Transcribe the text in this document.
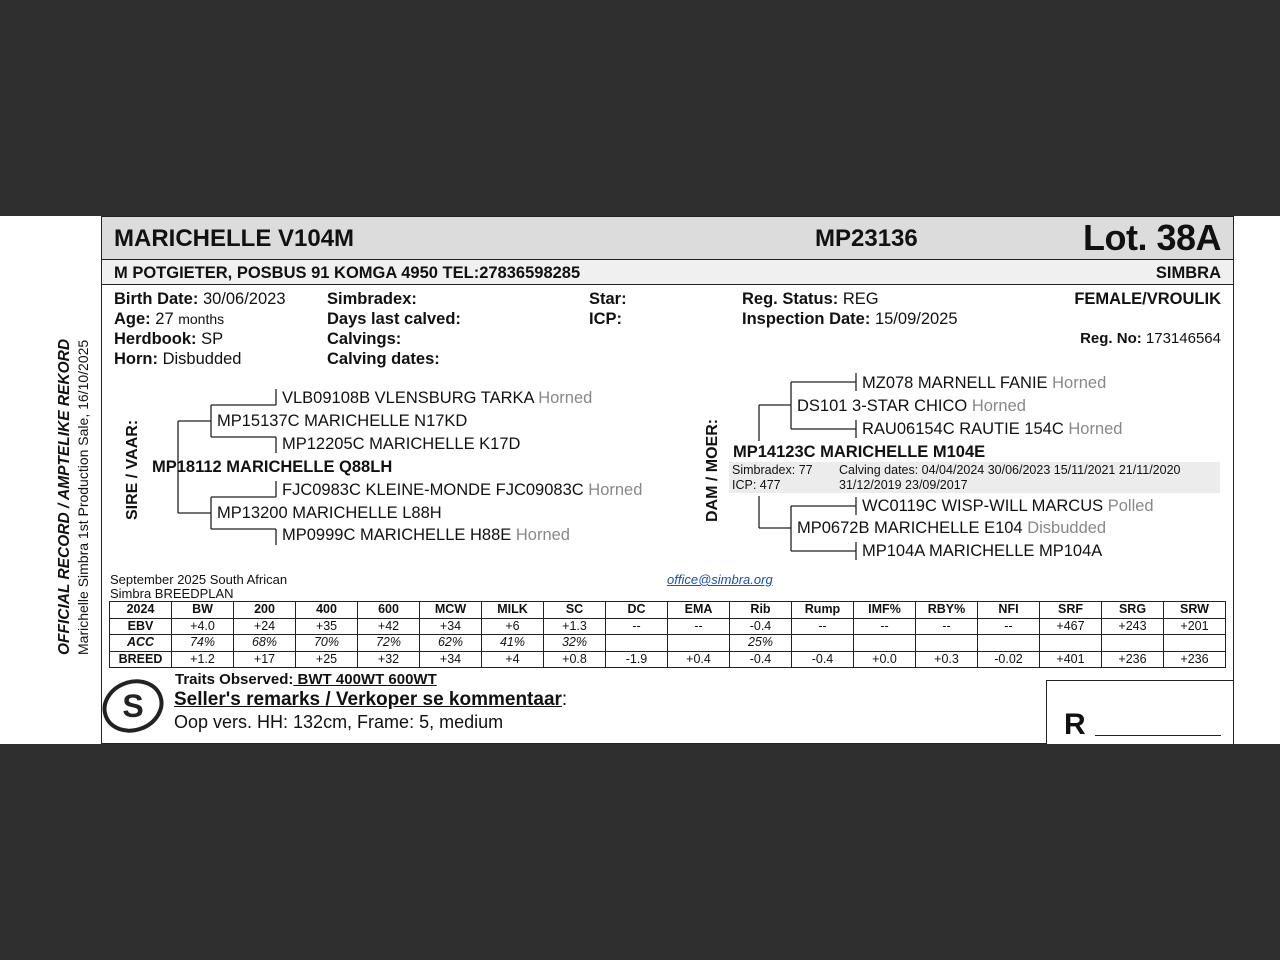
OFFICIAL RECORD / AMPTELIKE REKORD Marichelle Simbra 1st Production Sale, 16/10/2025
MARICHELLE V104M	MP23136	Lot. 38A
M POTGIETER, POSBUS 91 KOMGA 4950 TEL:27836598285	SIMBRA
Birth Date: 30/06/2023
Age: 27 months
Herdbook: SP
Horn: Disbudded
Simbradex:
Days last calved:
Calvings:
Calving dates:
Star:
ICP:
Reg. Status: REG
Inspection Date: 15/09/2025
FEMALE/VROULIK
Reg. No: 173146564
SIRE / VAAR: MP18112 MARICHELLE Q88LH
MP15137C MARICHELLE N17KD
VLB09108B VLENSBURG TARKA Horned
MP12205C MARICHELLE K17D
MP13200 MARICHELLE L88H
FJC0983C KLEINE-MONDE FJC09083C Horned
MP0999C MARICHELLE H88E Horned
DAM / MOER: MP14123C MARICHELLE M104E
Simbradex: 77
ICP: 477
Calving dates: 04/04/2024 30/06/2023 15/11/2021 21/11/2020
31/12/2019 23/09/2017
DS101 3-STAR CHICO Horned
MZ078 MARNELL FANIE Horned
RAU06154C RAUTIE 154C Horned
MP0672B MARICHELLE E104 Disbudded
WC0119C WISP-WILL MARCUS Polled
MP104A MARICHELLE MP104A
September 2025 South African
Simbra BREEDPLAN
office@simbra.org
2024	BW	200	400	600	MCW	MILK	SC	DC	EMA	Rib	Rump	IMF%	RBY%	NFI	SRF	SRG	SRW
EBV	+4.0	+24	+35	+42	+34	+6	+1.3	--	--	-0.4	--	--	--	--	+467	+243	+201
ACC	74%	68%	70%	72%	62%	41%	32%			25%							
BREED	+1.2	+17	+25	+32	+34	+4	+0.8	-1.9	+0.4	-0.4	-0.4	+0.0	+0.3	-0.02	+401	+236	+236
S
Traits Observed: BWT 400WT 600WT
Seller's remarks / Verkoper se kommentaar:
Oop vers. HH: 132cm, Frame: 5, medium	R
